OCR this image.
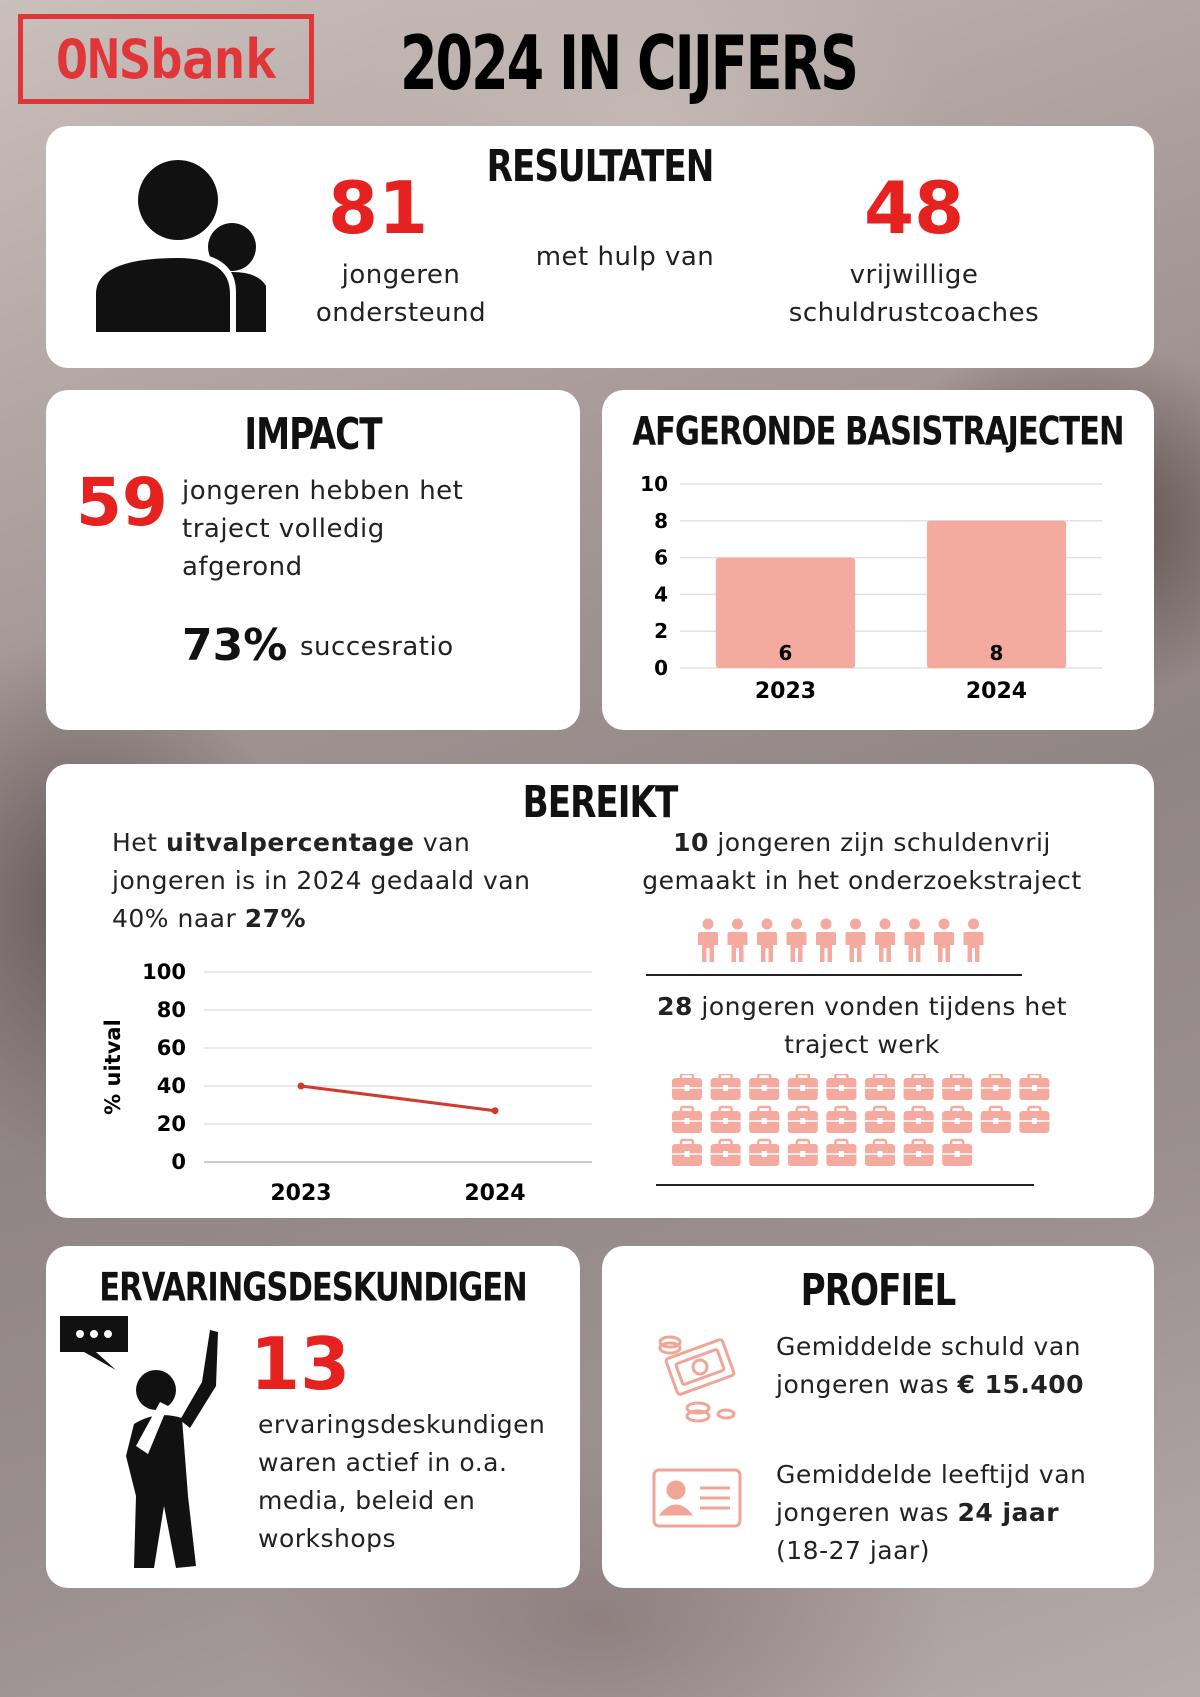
ONSbank 2024 IN CIJFERS
RESULTATEN
81
jongeren
ondersteund
met hulp van
48
vrijwillige
schuldrustcoaches
IMPACT
59 jongeren hebben het
traject volledig
afgerond
73% succesratio
AFGERONDE BASISTRAJECTEN
0
2
4
6
8
10
6
2023
8
2024
BEREIKT
Het uitvalpercentage van
jongeren is in 2024 gedaald van
40% naar 27%
0
20
40
60
80
100
% uitval
2023	2024
10 jongeren zijn schuldenvrij
gemaakt in het onderzoekstraject
28 jongeren vonden tijdens het
traject werk
ERVARINGSDESKUNDIGEN
13
ervaringsdeskundigen
waren actief in o.a.
media, beleid en
workshops
PROFIEL
Gemiddelde schuld van
jongeren was € 15.400
Gemiddelde leeftijd van
jongeren was 24 jaar
(18-27 jaar)
